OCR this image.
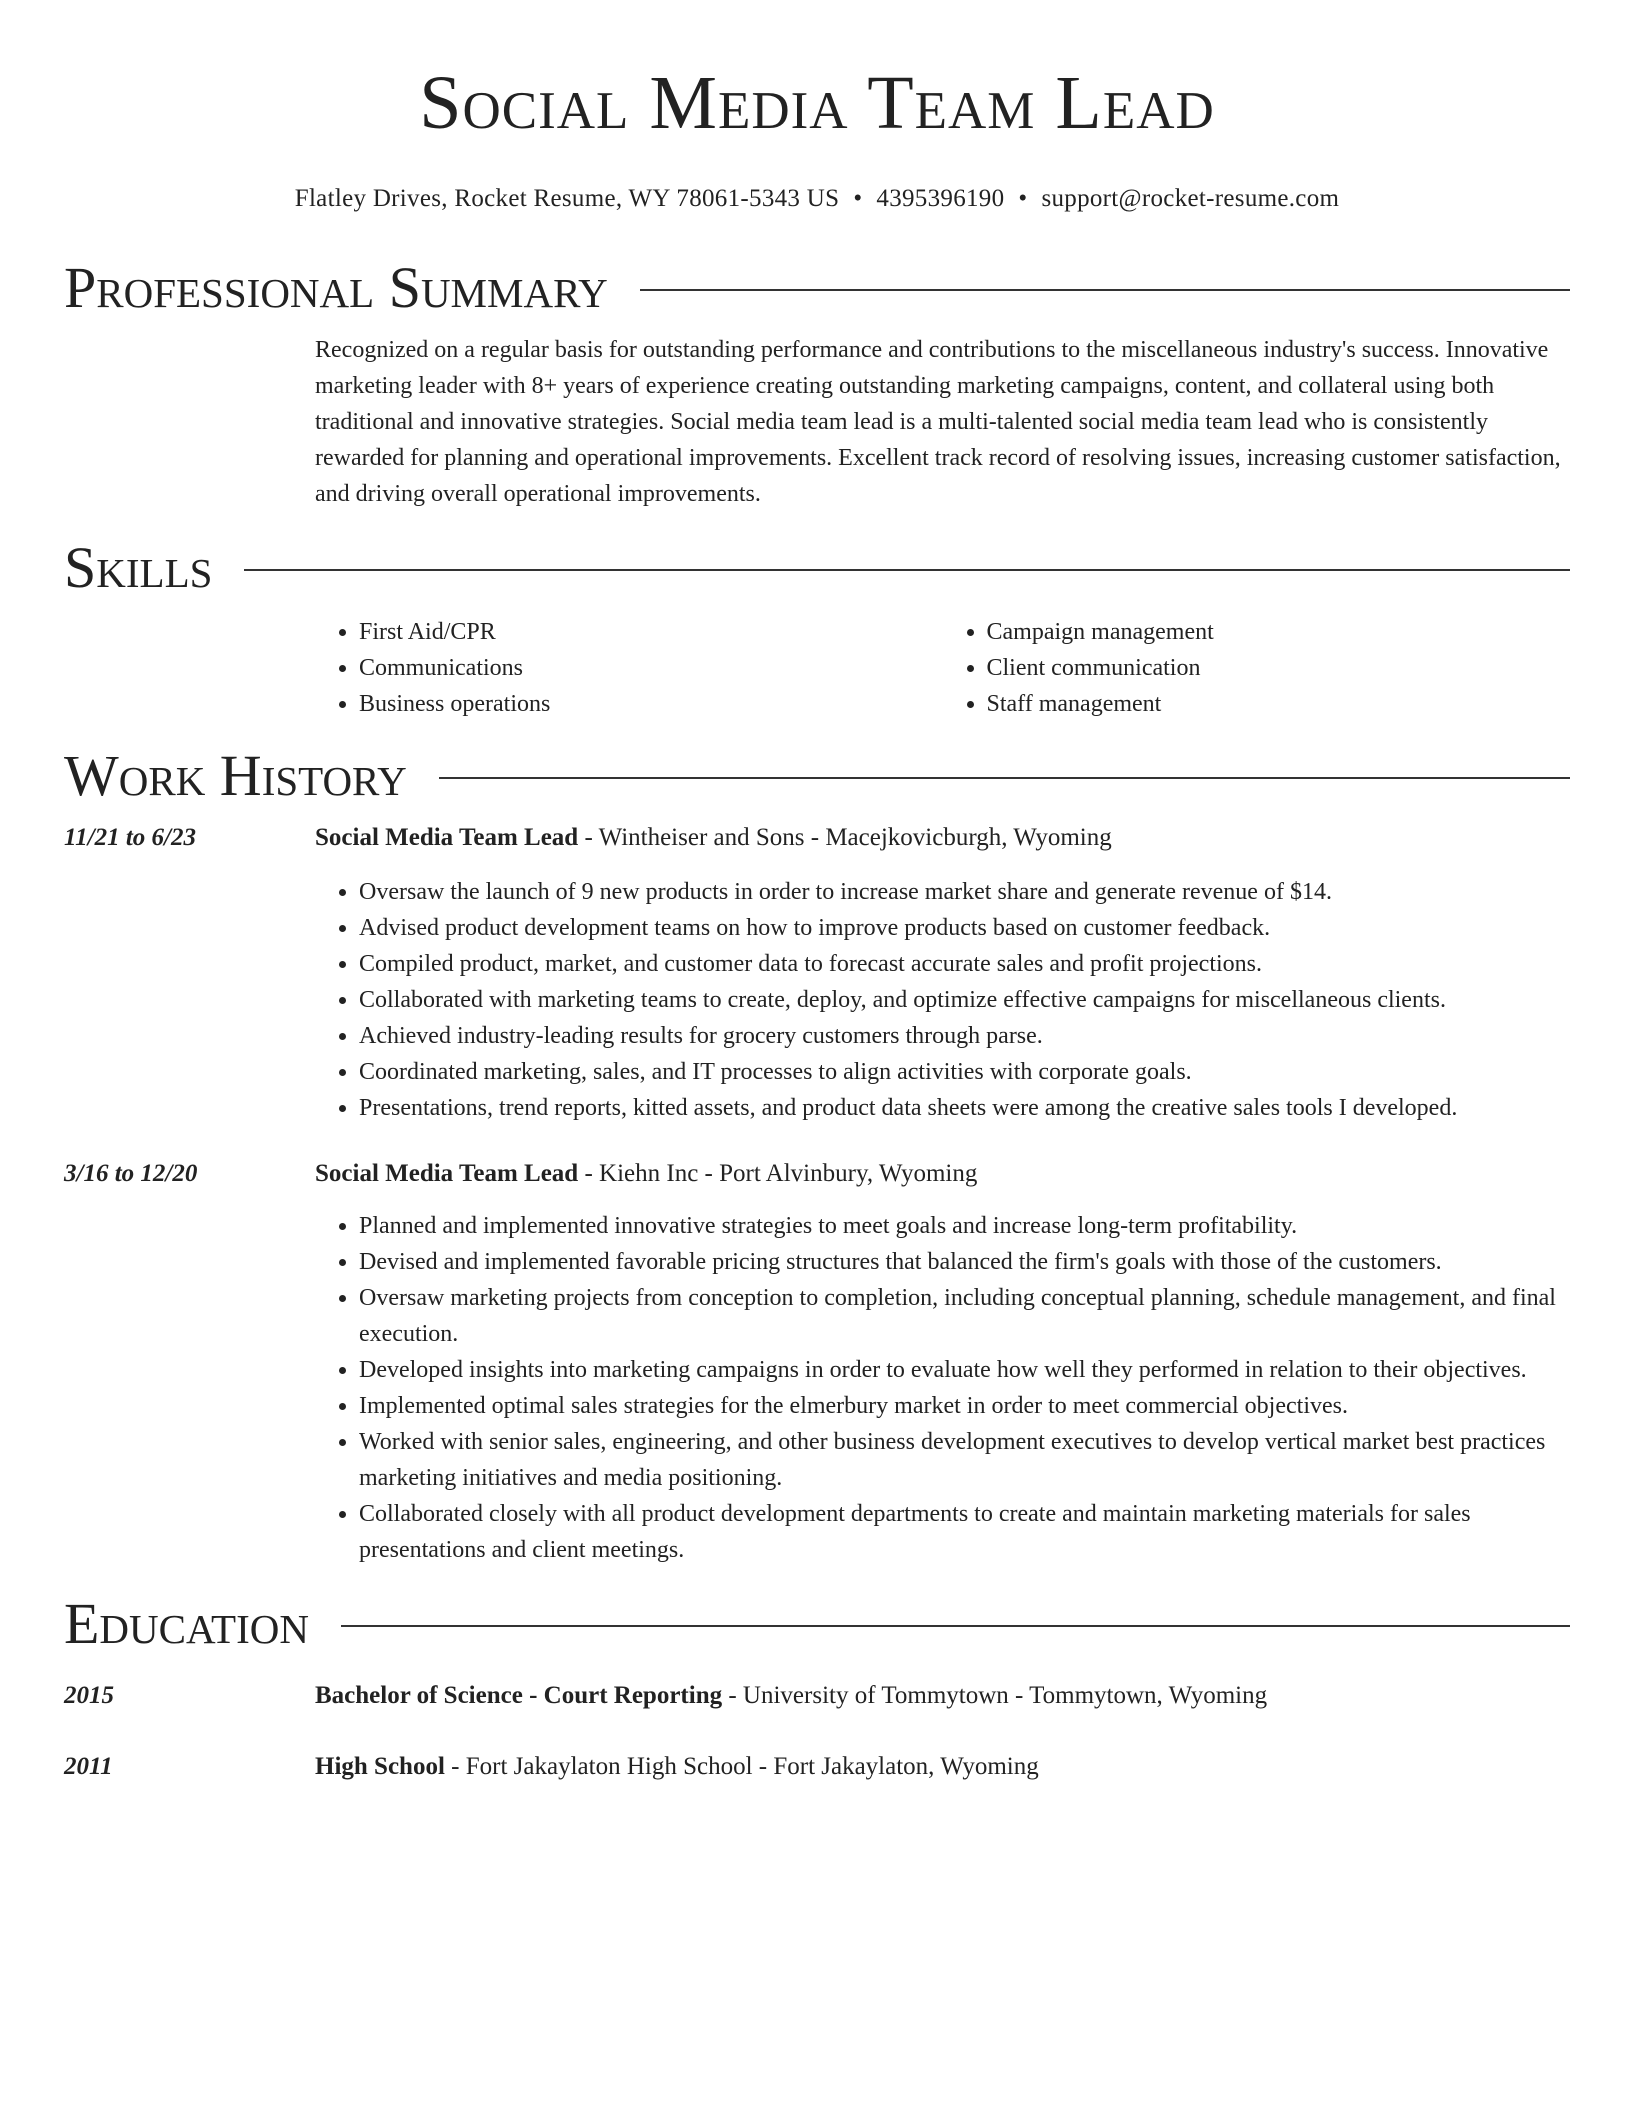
Social Media Team Lead
Flatley Drives, Rocket Resume, WY 78061-5343 US • 4395396190 • support@rocket-resume.com
Professional Summary

Recognized on a regular basis for outstanding performance and contributions to the miscellaneous industry's success. Innovative marketing leader with 8+ years of experience creating outstanding marketing campaigns, content, and collateral using both traditional and innovative strategies. Social media team lead is a multi-talented social media team lead who is consistently rewarded for planning and operational improvements. Excellent track record of resolving issues, increasing customer satisfaction, and driving overall operational improvements.

Skills
• First Aid/CPR
• Communications
• Business operations
• Campaign management
• Client communication
• Staff management
Work History
11/21 to 6/23	Social Media Team Lead - Wintheiser and Sons - Macejkovicburgh, Wyoming
• Oversaw the launch of 9 new products in order to increase market share and generate revenue of $14.
• Advised product development teams on how to improve products based on customer feedback.
• Compiled product, market, and customer data to forecast accurate sales and profit projections.
• Collaborated with marketing teams to create, deploy, and optimize effective campaigns for miscellaneous clients.
• Achieved industry-leading results for grocery customers through parse.
• Coordinated marketing, sales, and IT processes to align activities with corporate goals.
• Presentations, trend reports, kitted assets, and product data sheets were among the creative sales tools I developed.
3/16 to 12/20	Social Media Team Lead - Kiehn Inc - Port Alvinbury, Wyoming
• Planned and implemented innovative strategies to meet goals and increase long-term profitability.
• Devised and implemented favorable pricing structures that balanced the firm's goals with those of the customers.
• Oversaw marketing projects from conception to completion, including conceptual planning, schedule management, and final execution.
• Developed insights into marketing campaigns in order to evaluate how well they performed in relation to their objectives.
• Implemented optimal sales strategies for the elmerbury market in order to meet commercial objectives.
• Worked with senior sales, engineering, and other business development executives to develop vertical market best practices marketing initiatives and media positioning.
• Collaborated closely with all product development departments to create and maintain marketing materials for sales presentations and client meetings.
Education
2015	Bachelor of Science - Court Reporting - University of Tommytown - Tommytown, Wyoming
2011	High School - Fort Jakaylaton High School - Fort Jakaylaton, Wyoming
